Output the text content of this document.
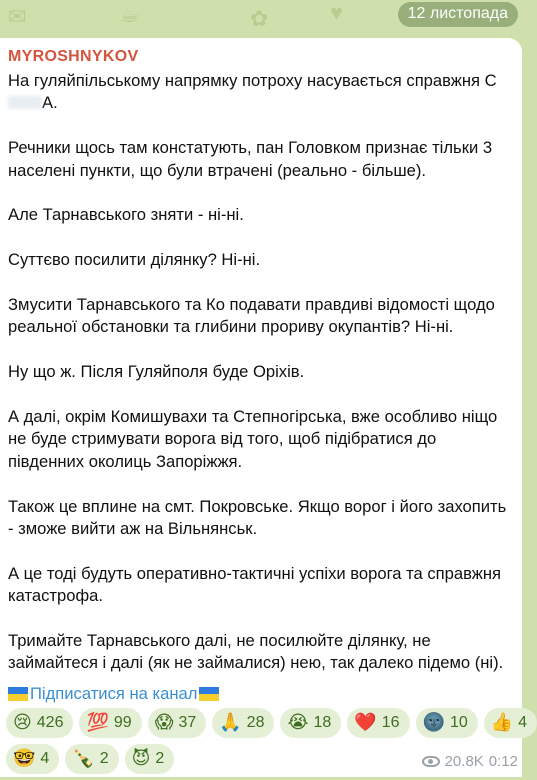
✉	☕	✿	♥	12 листопада
MYROSHNYKOV

На гуляйпільському напрямку потроху насувається справжня СА.

Речники щось там констатують, пан Головком признає тільки 3 населені пункти, що були втрачені (реально - більше).

Але Тарнавського зняти - ні-ні.

Суттєво посилити ділянку? Ні-ні.

Змусити Тарнавського та Ко подавати правдиві відомості щодо реальної обстановки та глибини прориву окупантів? Ні-ні.

Ну що ж. Після Гуляйполя буде Оріхів.

А далі, окрім Комишувахи та Степногірська, вже особливо ніщо не буде стримувати ворога від того, щоб підібратися до південних околиць Запоріжжя.

Також це вплине на смт. Покровське. Якщо ворог і його захопить - зможе вийти аж на Вільнянськ.

А це тоді будуть оперативно-тактичні успіхи ворога та справжня катастрофа.

Тримайте Тарнавського далі, не посилюйте ділянку, не займайтеся і далі (як не займалися) нею, так далеко підемо (ні).

Підписатися на канал
😢 426 💯 99 😱 37 🙏 28 😭 18 ❤️ 16 🌚 10 👍 4
🤓 4 🍾 2 😈 2	20.8K 0:12
